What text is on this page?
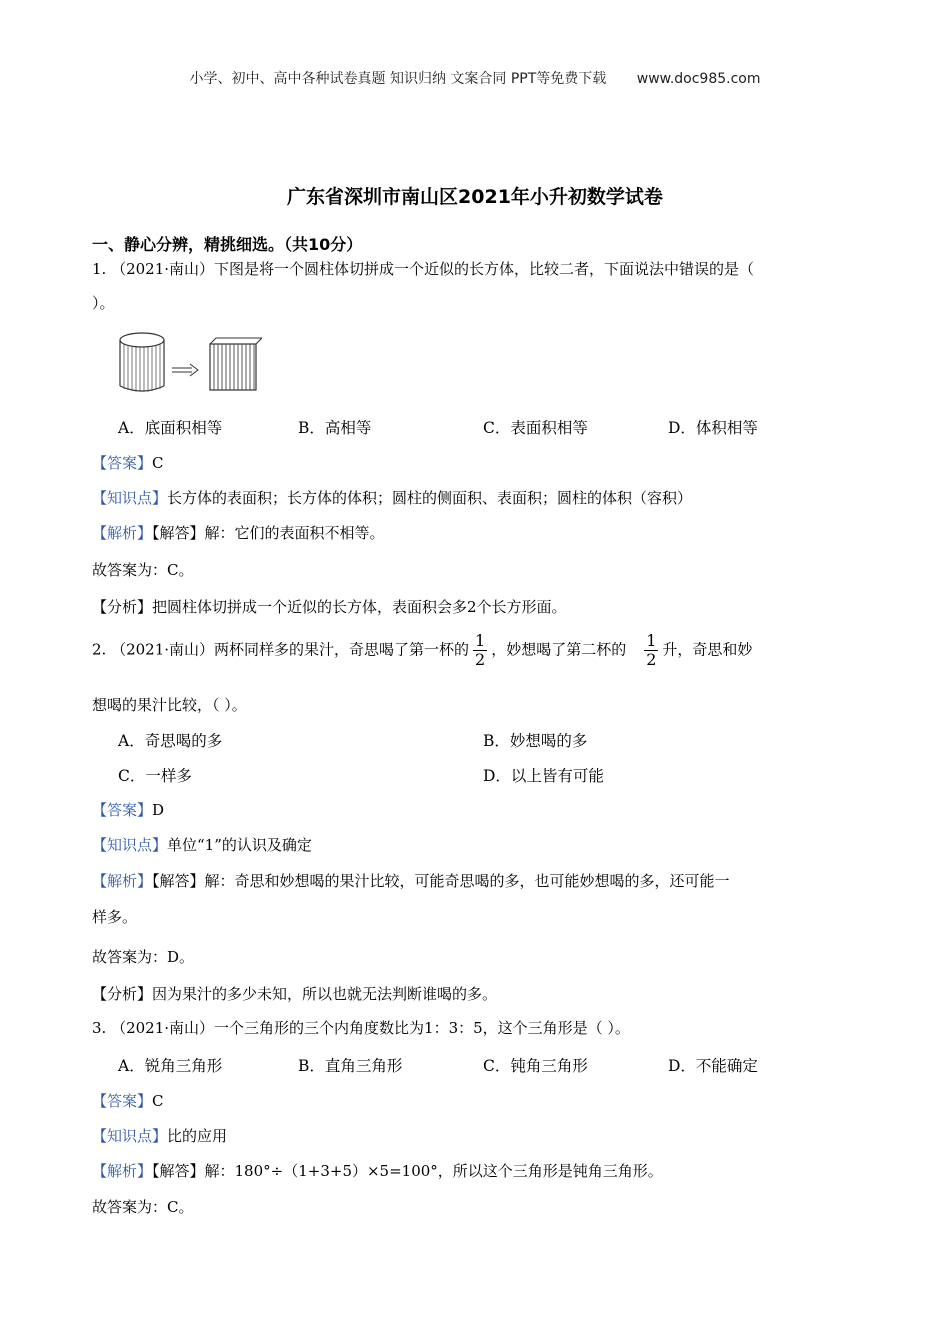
小学、初中、高中各种试卷真题 知识归纳 文案合同 PPT等免费下载 www.doc985.com
广东省深圳市南山区2021年小升初数学试卷
一、静心分辨，精挑细选。（共10分）
1. （2021·南山）下图是将一个圆柱体切拼成一个近似的长方体，比较二者，下面说法中错误的是（
）。
A．底面积相等	B．高相等	C．表面积相等	D．体积相等
【答案】C
【知识点】长方体的表面积；长方体的体积；圆柱的侧面积、表面积；圆柱的体积（容积）
【解析】【解答】解：它们的表面积不相等。
故答案为：C。
【分析】把圆柱体切拼成一个近似的长方体，表面积会多2个长方形面。
2. （2021·南山）两杯同样多的果汁，奇思喝了第一杯的 $\frac{1}{2}$ ，妙想喝了第二杯的 $\frac{1}{2}$ 升，奇思和妙
想喝的果汁比较，（ ）。
A．奇思喝的多	B．妙想喝的多
C．一样多	D．以上皆有可能
【答案】D
【知识点】单位“1”的认识及确定
【解析】【解答】解：奇思和妙想喝的果汁比较，可能奇思喝的多，也可能妙想喝的多，还可能一
样多。
故答案为：D。
【分析】因为果汁的多少未知，所以也就无法判断谁喝的多。
3. （2021·南山）一个三角形的三个内角度数比为1：3：5，这个三角形是（ ）。
A．锐角三角形	B．直角三角形	C．钝角三角形	D．不能确定
【答案】C
【知识点】比的应用
【解析】【解答】解：180°÷（1+3+5）×5=100°，所以这个三角形是钝角三角形。
故答案为：C。
